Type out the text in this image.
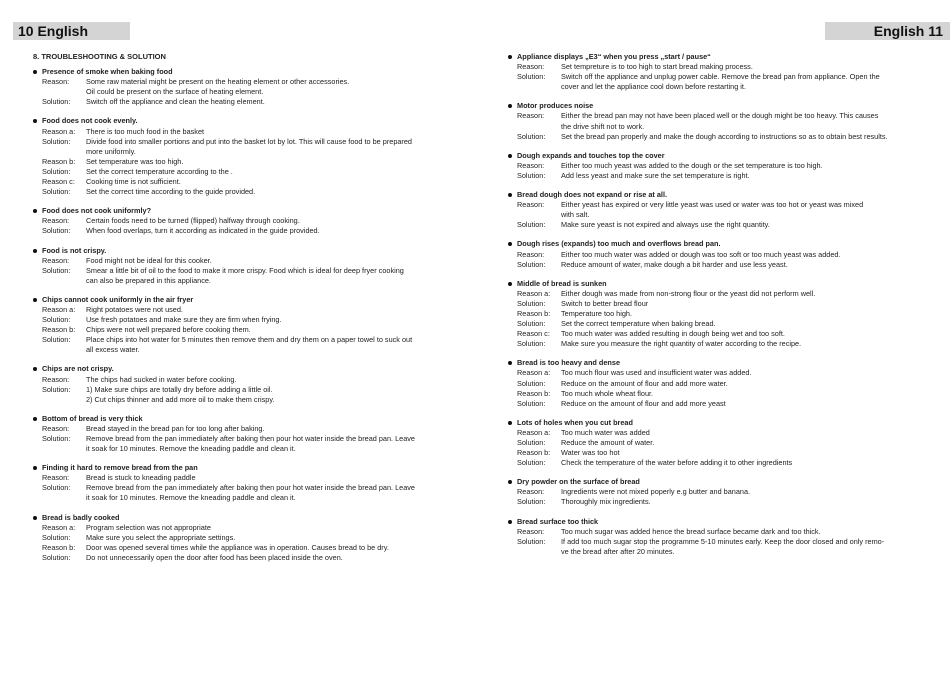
10 English	English 11
8. TROUBLESHOOTING & SOLUTION
Presence of smoke when baking food
Reason:	Some raw material might be present on the heating element or other accessories.
Oil could be present on the surface of heating element.
Solution:	Switch off the appliance and clean the heating element.
Food does not cook evenly.
Reason a:	There is too much food in the basket
Solution:	Divide food into smaller portions and put into the basket lot by lot. This will cause food to be prepared
more uniformly.
Reason b:	Set temperature was too high.
Solution:	Set the correct temperature according to the .
Reason c:	Cooking time is not sufficient.
Solution:	Set the correct time according to the guide provided.
Food does not cook uniformly?
Reason:	Certain foods need to be turned (flipped) halfway through cooking.
Solution:	When food overlaps, turn it according as indicated in the guide provided.
Food is not crispy.
Reason:	Food might not be ideal for this cooker.
Solution:	Smear a little bit of oil to the food to make it more crispy. Food which is ideal for deep fryer cooking
can also be prepared in this appliance.
Chips cannot cook uniformly in the air fryer
Reason a:	Right potatoes were not used.
Solution:	Use fresh potatoes and make sure they are firm when frying.
Reason b:	Chips were not well prepared before cooking them.
Solution:	Place chips into hot water for 5 minutes then remove them and dry them on a paper towel to suck out
all excess water.
Chips are not crispy.
Reason:	The chips had sucked in water before cooking.
Solution:	1) Make sure chips are totally dry before adding a little oil.
2) Cut chips thinner and add more oil to make them crispy.
Bottom of bread is very thick
Reason:	Bread stayed in the bread pan for too long after baking.
Solution:	Remove bread from the pan immediately after baking then pour hot water inside the bread pan. Leave
it soak for 10 minutes. Remove the kneading paddle and clean it.
Finding it hard to remove bread from the pan
Reason:	Bread is stuck to kneading paddle
Solution:	Remove bread from the pan immediately after baking then pour hot water inside the bread pan. Leave
it soak for 10 minutes. Remove the kneading paddle and clean it.
Bread is badly cooked
Reason a:	Program selection was not appropriate
Solution:	Make sure you select the appropriate settings.
Reason b:	Door was opened several times while the appliance was in operation. Causes bread to be dry.
Solution:	Do not unnecessarily open the door after food has been placed inside the oven.
Appliance displays „E3“ when you press „start / pause“
Reason:	Set tempreture is to too high to start bread making process.
Solution:	Switch off the appliance and unplug power cable. Remove the bread pan from appliance. Open the
cover and let the appliance cool down before restarting it.
Motor produces noise
Reason:	Either the bread pan may not have been placed well or the dough might be too heavy. This causes
the drive shift not to work.
Solution:	Set the bread pan properly and make the dough according to instructions so as to obtain best results.
Dough expands and touches top the cover
Reason:	Either too much yeast was added to the dough or the set temperature is too high.
Solution:	Add less yeast and make sure the set temperature is right.
Bread dough does not expand or rise at all.
Reason:	Either yeast has expired or very little yeast was used or water was too hot or yeast was mixed
with salt.
Solution:	Make sure yeast is not expired and always use the right quantity.
Dough rises (expands) too much and overflows bread pan.
Reason:	Either too much water was added or dough was too soft or too much yeast was added.
Solution:	Reduce amount of water, make dough a bit harder and use less yeast.
Middle of bread is sunken
Reason a:	Either dough was made from non-strong flour or the yeast did not perform well.
Solution:	Switch to better bread flour
Reason b:	Temperature too high.
Solution:	Set the correct temperature when baking bread.
Reason c:	Too much water was added resulting in dough being wet and too soft.
Solution:	Make sure you measure the right quantity of water according to the recipe.
Bread is too heavy and dense
Reason a:	Too much flour was used and insufficient water was added.
Solution:	Reduce on the amount of flour and add more water.
Reason b:	Too much whole wheat flour.
Solution:	Reduce on the amount of flour and add more yeast
Lots of holes when you cut bread
Reason a:	Too much water was added
Solution:	Reduce the amount of water.
Reason b:	Water was too hot
Solution:	Check the temperature of the water before adding it to other ingredients
Dry powder on the surface of bread
Reason:	Ingredients were not mixed poperly e.g butter and banana.
Solution:	Thoroughly mix ingredients.
Bread surface too thick
Reason:	Too much sugar was added hence the bread surface became dark and too thick.
Solution:	If add too much sugar stop the programme 5-10 minutes early. Keep the door closed and only remo-
ve the bread after after 20 minutes.
